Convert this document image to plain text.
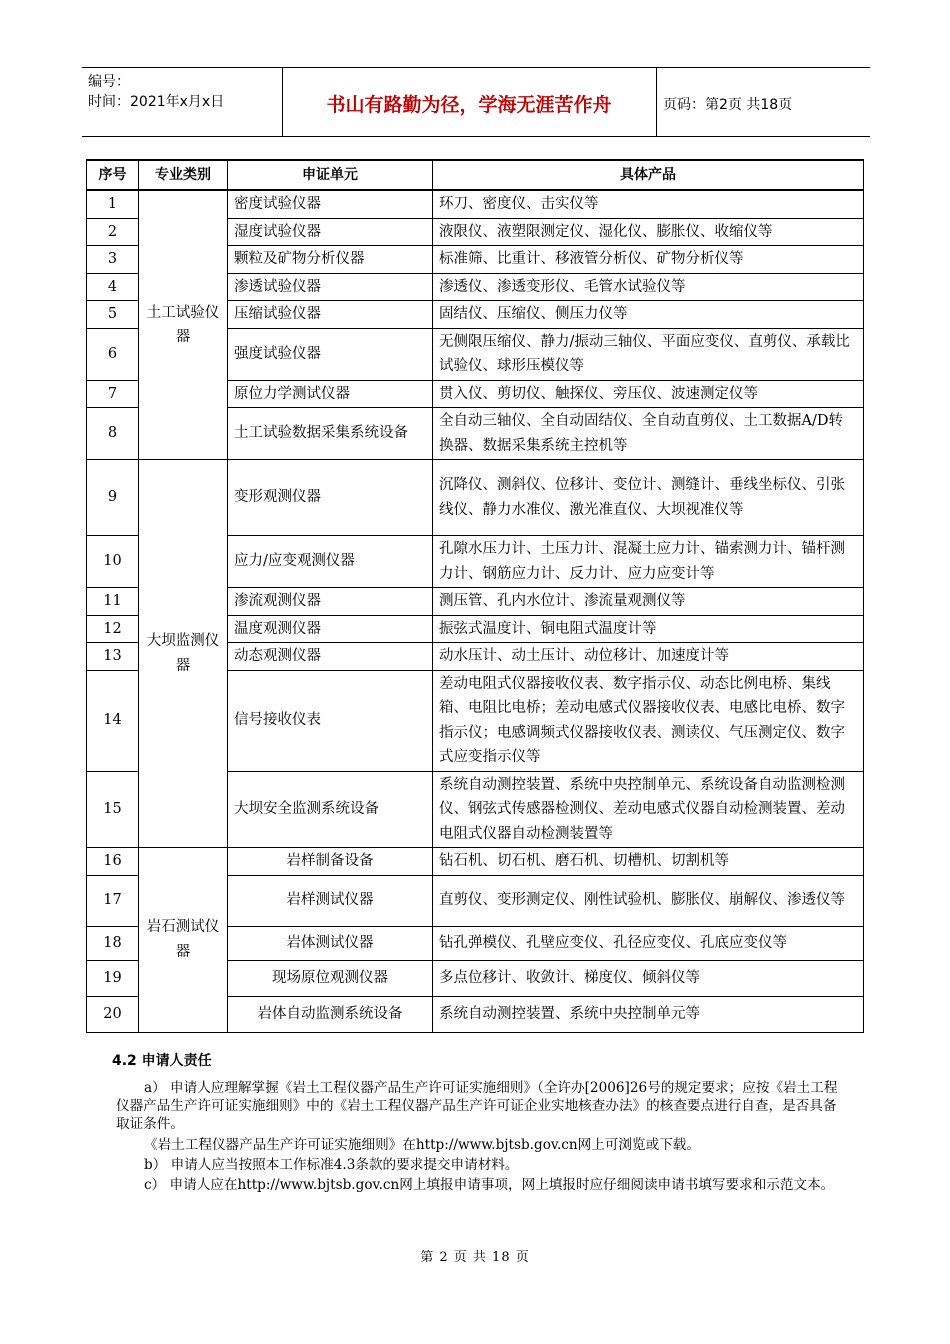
编号：
时间：2021年x月x日	书山有路勤为径，学海无涯苦作舟	页码：第2页 共18页
序号	专业类别	申证单元	具体产品
1	土工试验仪器	密度试验仪器	环刀、密度仪、击实仪等
2		湿度试验仪器	液限仪、液塑限测定仪、湿化仪、膨胀仪、收缩仪等
3		颗粒及矿物分析仪器	标准筛、比重计、移液管分析仪、矿物分析仪等
4		渗透试验仪器	渗透仪、渗透变形仪、毛管水试验仪等
5		压缩试验仪器	固结仪、压缩仪、侧压力仪等
6		强度试验仪器	无侧限压缩仪、静力/振动三轴仪、平面应变仪、直剪仪、承载比试验仪、球形压模仪等
7		原位力学测试仪器	贯入仪、剪切仪、触探仪、旁压仪、波速测定仪等
8		土工试验数据采集系统设备	全自动三轴仪、全自动固结仪、全自动直剪仪、土工数据A/D转换器、数据采集系统主控机等
9	大坝监测仪器	变形观测仪器	沉降仪、测斜仪、位移计、变位计、测缝计、垂线坐标仪、引张线仪、静力水准仪、激光准直仪、大坝视准仪等
10		应力/应变观测仪器	孔隙水压力计、土压力计、混凝土应力计、锚索测力计、锚杆测力计、钢筋应力计、反力计、应力应变计等
11		渗流观测仪器	测压管、孔内水位计、渗流量观测仪等
12		温度观测仪器	振弦式温度计、铜电阻式温度计等
13		动态观测仪器	动水压计、动土压计、动位移计、加速度计等
14		信号接收仪表	差动电阻式仪器接收仪表、数字指示仪、动态比例电桥、集线箱、电阻比电桥；差动电感式仪器接收仪表、电感比电桥、数字指示仪；电感调频式仪器接收仪表、测读仪、气压测定仪、数字式应变指示仪等
15		大坝安全监测系统设备	系统自动测控装置、系统中央控制单元、系统设备自动监测检测仪、钢弦式传感器检测仪、差动电感式仪器自动检测装置、差动电阻式仪器自动检测装置等
16	岩石测试仪器	岩样制备设备	钻石机、切石机、磨石机、切槽机、切割机等
17		岩样测试仪器	直剪仪、变形测定仪、刚性试验机、膨胀仪、崩解仪、渗透仪等
18		岩体测试仪器	钻孔弹模仪、孔壁应变仪、孔径应变仪、孔底应变仪等
19		现场原位观测仪器	多点位移计、收敛计、梯度仪、倾斜仪等
20		岩体自动监测系统设备	系统自动测控装置、系统中央控制单元等
4.2 申请人责任
a） 申请人应理解掌握《岩土工程仪器产品生产许可证实施细则》（全许办[2006]26号的规定要求；应按《岩土工程仪器产品生产许可证实施细则》中的《岩土工程仪器产品生产许可证企业实地核查办法》的核查要点进行自查，是否具备取证条件。
《岩土工程仪器产品生产许可证实施细则》在http://www.bjtsb.gov.cn网上可浏览或下载。
b） 申请人应当按照本工作标准4.3条款的要求提交申请材料。
c） 申请人应在http://www.bjtsb.gov.cn网上填报申请事项，网上填报时应仔细阅读申请书填写要求和示范文本。
第 2 页 共 18 页
